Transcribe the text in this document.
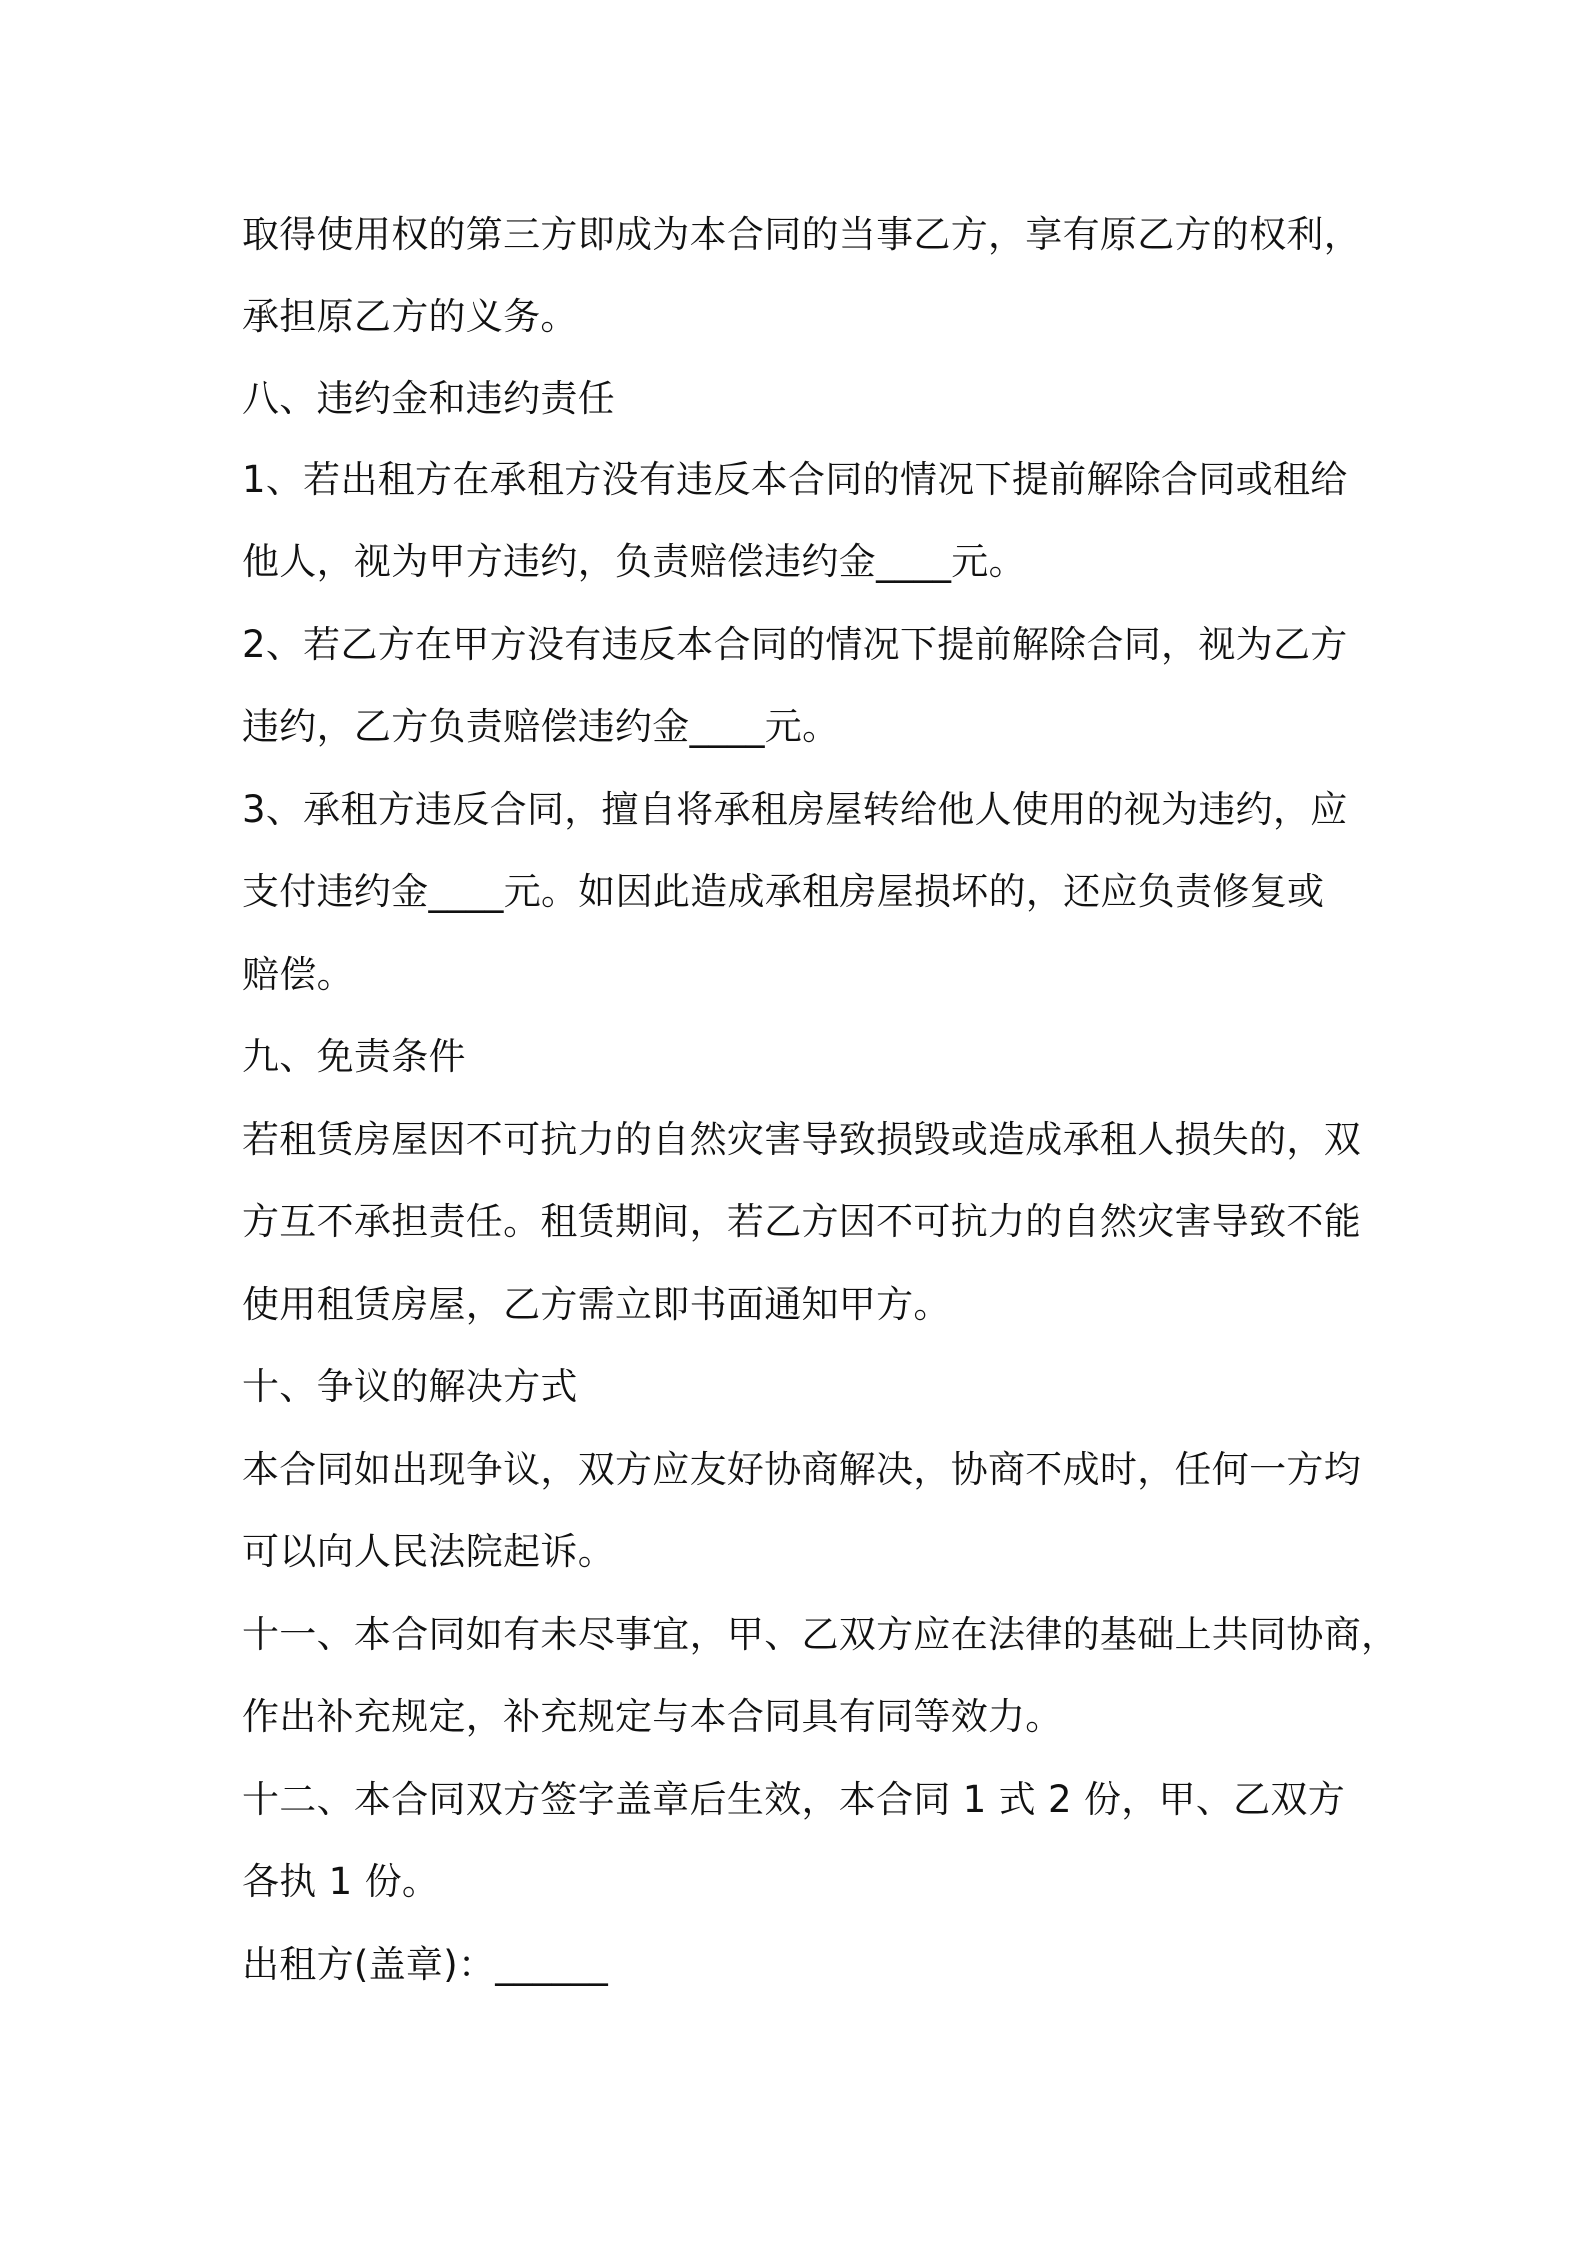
取得使用权的第三方即成为本合同的当事乙方，享有原乙方的权利，
承担原乙方的义务。
八、违约金和违约责任
1、若出租方在承租方没有违反本合同的情况下提前解除合同或租给
他人，视为甲方违约，负责赔偿违约金____元。
2、若乙方在甲方没有违反本合同的情况下提前解除合同，视为乙方
违约，乙方负责赔偿违约金____元。
3、承租方违反合同，擅自将承租房屋转给他人使用的视为违约，应
支付违约金____元。如因此造成承租房屋损坏的，还应负责修复或
赔偿。
九、免责条件
若租赁房屋因不可抗力的自然灾害导致损毁或造成承租人损失的，双
方互不承担责任。租赁期间，若乙方因不可抗力的自然灾害导致不能
使用租赁房屋，乙方需立即书面通知甲方。
十、争议的解决方式
本合同如出现争议，双方应友好协商解决，协商不成时，任何一方均
可以向人民法院起诉。
十一、本合同如有未尽事宜，甲、乙双方应在法律的基础上共同协商，
作出补充规定，补充规定与本合同具有同等效力。
十二、本合同双方签字盖章后生效，本合同 1 式 2 份，甲、乙双方
各执 1 份。
出租方(盖章)：______
